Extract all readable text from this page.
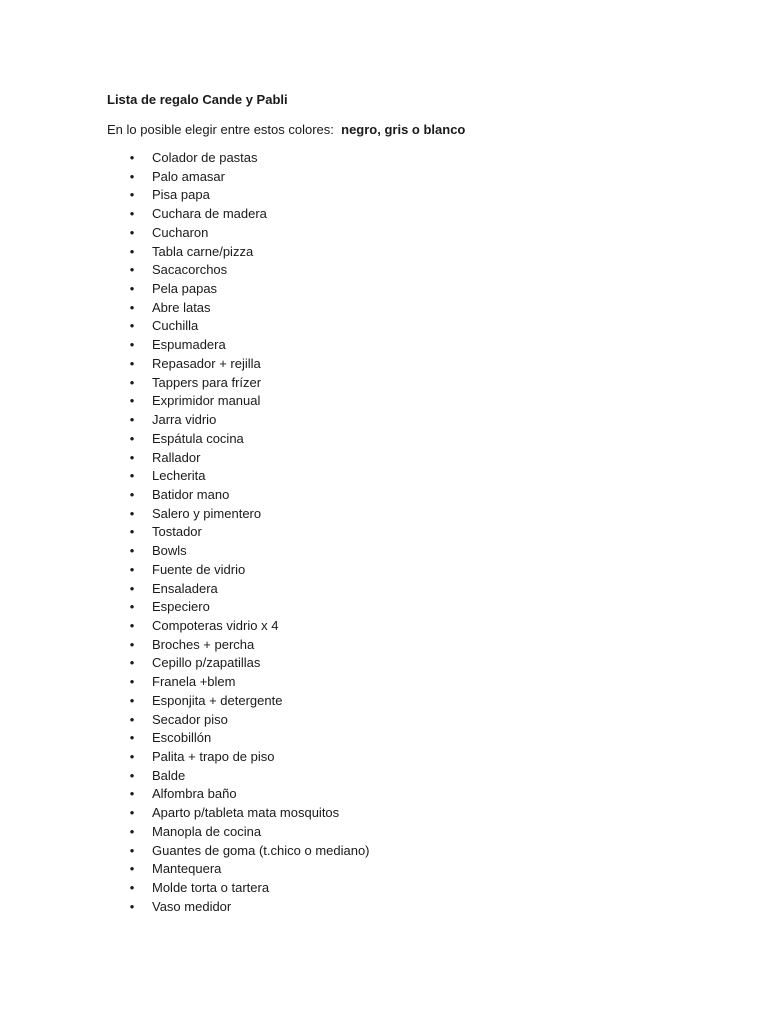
Lista de regalo Cande y Pabli
En lo posible elegir entre estos colores: negro, gris o blanco
• Colador de pastas
• Palo amasar
• Pisa papa
• Cuchara de madera
• Cucharon
• Tabla carne/pizza
• Sacacorchos
• Pela papas
• Abre latas
• Cuchilla
• Espumadera
• Repasador + rejilla
• Tappers para frízer
• Exprimidor manual
• Jarra vidrio
• Espátula cocina
• Rallador
• Lecherita
• Batidor mano
• Salero y pimentero
• Tostador
• Bowls
• Fuente de vidrio
• Ensaladera
• Especiero
• Compoteras vidrio x 4
• Broches + percha
• Cepillo p/zapatillas
• Franela +blem
• Esponjita + detergente
• Secador piso
• Escobillón
• Palita + trapo de piso
• Balde
• Alfombra baño
• Aparto p/tableta mata mosquitos
• Manopla de cocina
• Guantes de goma (t.chico o mediano)
• Mantequera
• Molde torta o tartera
• Vaso medidor
